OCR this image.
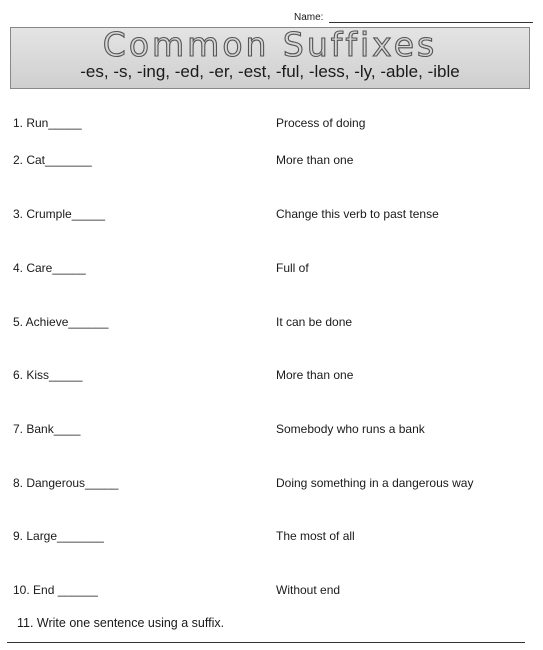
Name:
Common Suffixes
-es, -s, -ing, -ed, -er, -est, -ful, -less, -ly, -able, -ible
1. Run_____	Process of doing
2. Cat_______	More than one
3. Crumple_____	Change this verb to past tense
4. Care_____	Full of
5. Achieve______	It can be done
6. Kiss_____	More than one
7. Bank____	Somebody who runs a bank
8. Dangerous_____	Doing something in a dangerous way
9. Large_______	The most of all
10. End ______	Without end
11. Write one sentence using a suffix.
